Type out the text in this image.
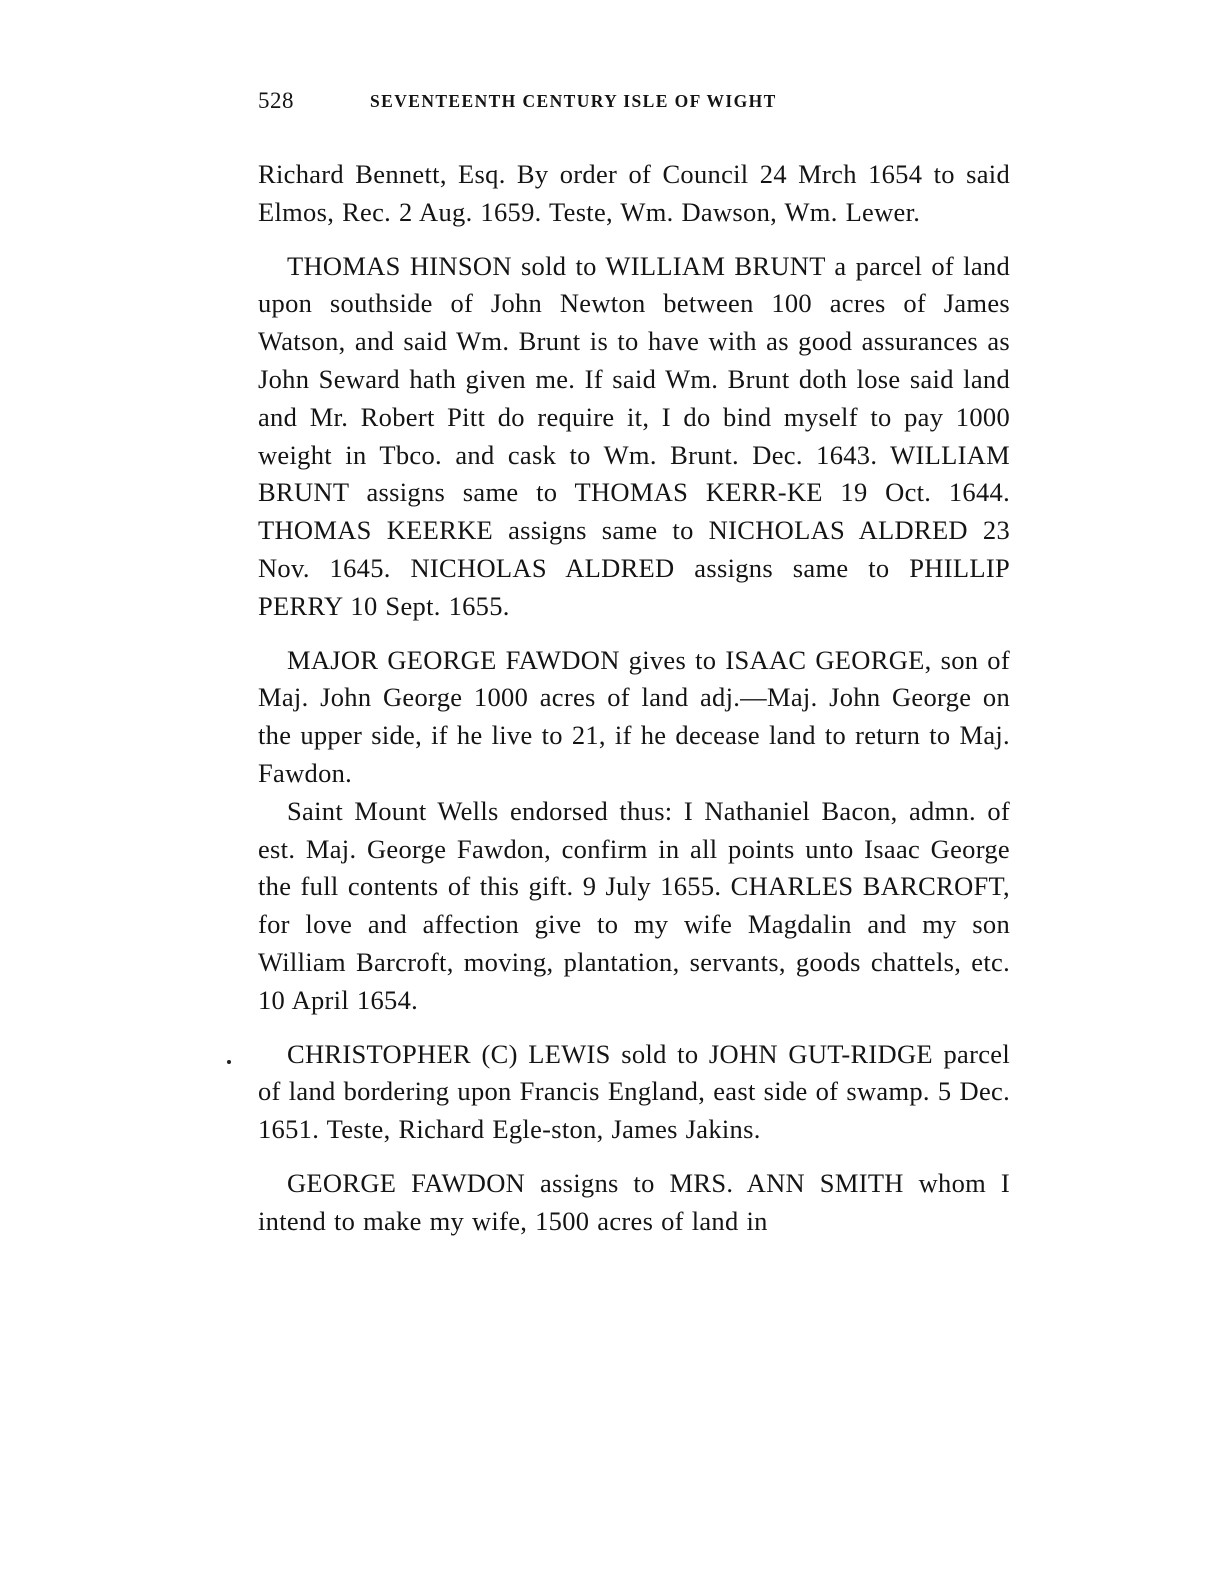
528	SEVENTEENTH CENTURY ISLE OF WIGHT

Richard Bennett, Esq. By order of Council 24 Mrch 1654 to said Elmos, Rec. 2 Aug. 1659. Teste, Wm. Dawson, Wm. Lewer.

THOMAS HINSON sold to WILLIAM BRUNT a parcel of land upon southside of John Newton between 100 acres of James Watson, and said Wm. Brunt is to have with as good assurances as John Seward hath given me. If said Wm. Brunt doth lose said land and Mr. Robert Pitt do require it, I do bind myself to pay 1000 weight in Tbco. and cask to Wm. Brunt. Dec. 1643. WILLIAM BRUNT assigns same to THOMAS KERR-KE 19 Oct. 1644. THOMAS KEERKE assigns same to NICHOLAS ALDRED 23 Nov. 1645. NICHOLAS ALDRED assigns same to PHILLIP PERRY 10 Sept. 1655.

MAJOR GEORGE FAWDON gives to ISAAC GEORGE, son of Maj. John George 1000 acres of land adj.—Maj. John George on the upper side, if he live to 21, if he decease land to return to Maj. Fawdon.

Saint Mount Wells endorsed thus: I Nathaniel Bacon, admn. of est. Maj. George Fawdon, confirm in all points unto Isaac George the full contents of this gift. 9 July 1655. CHARLES BARCROFT, for love and affection give to my wife Magdalin and my son William Barcroft, moving, plantation, servants, goods chattels, etc. 10 April 1654.

CHRISTOPHER (C) LEWIS sold to JOHN GUT-RIDGE parcel of land bordering upon Francis England, east side of swamp. 5 Dec. 1651. Teste, Richard Egle-ston, James Jakins.

GEORGE FAWDON assigns to MRS. ANN SMITH whom I intend to make my wife, 1500 acres of land in
